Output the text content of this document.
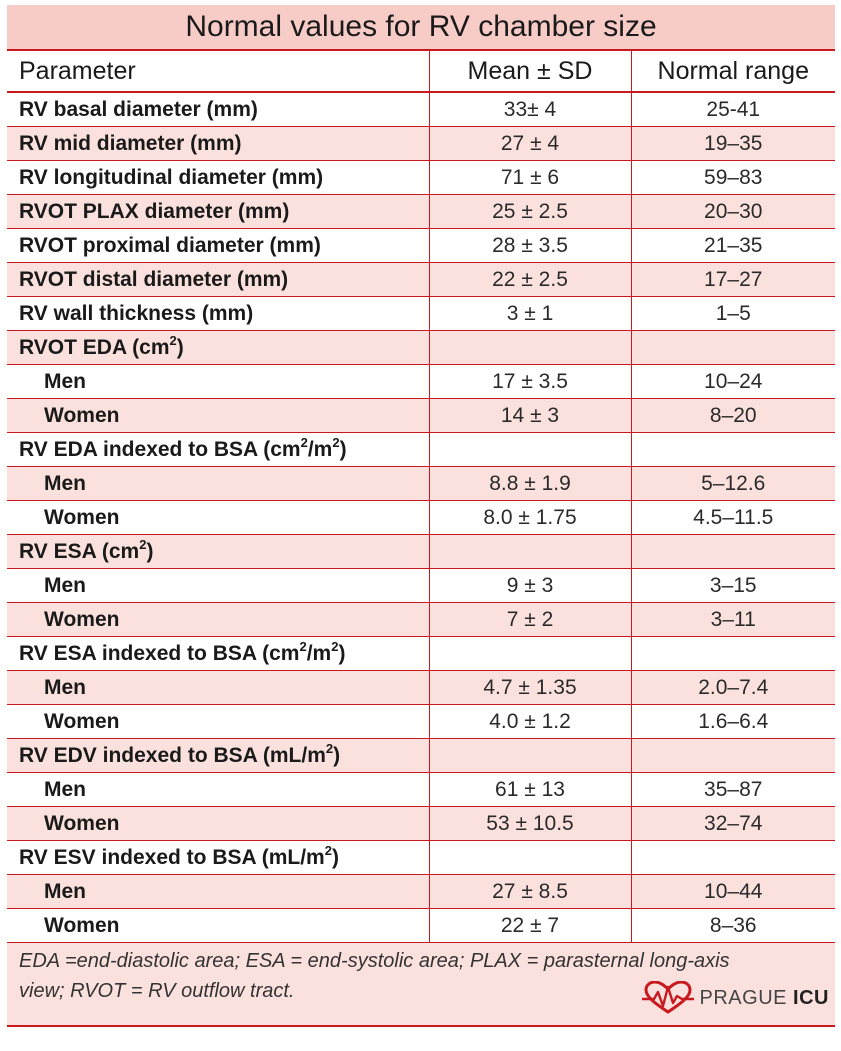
Normal values for RV chamber size
Parameter	Mean ± SD	Normal range
RV basal diameter (mm)	33± 4	25-41
RV mid diameter (mm)	27 ± 4	19–35
RV longitudinal diameter (mm)	71 ± 6	59–83
RVOT PLAX diameter (mm)	25 ± 2.5	20–30
RVOT proximal diameter (mm)	28 ± 3.5	21–35
RVOT distal diameter (mm)	22 ± 2.5	17–27
RV wall thickness (mm)	3 ± 1	1–5
RVOT EDA $(cm^2)$		
Men	17 ± 3.5	10–24
Women	14 ± 3	8–20
RV EDA indexed to BSA $(cm^2/m^2)$		
Men	8.8 ± 1.9	5–12.6
Women	8.0 ± 1.75	4.5–11.5
RV ESA $(cm^2)$		
Men	9 ± 3	3–15
Women	7 ± 2	3–11
RV ESA indexed to BSA $(cm^2/m^2)$		
Men	4.7 ± 1.35	2.0–7.4
Women	4.0 ± 1.2	1.6–6.4
RV EDV indexed to BSA $(mL/m^2)$		
Men	61 ± 13	35–87
Women	53 ± 10.5	32–74
RV ESV indexed to BSA $(mL/m^2)$		
Men	27 ± 8.5	10–44
Women	22 ± 7	8–36
EDA =end-diastolic area; ESA = end-systolic area; PLAX = parasternal long-axis view; RVOT = RV outflow tract.	PRAGUE ICU
